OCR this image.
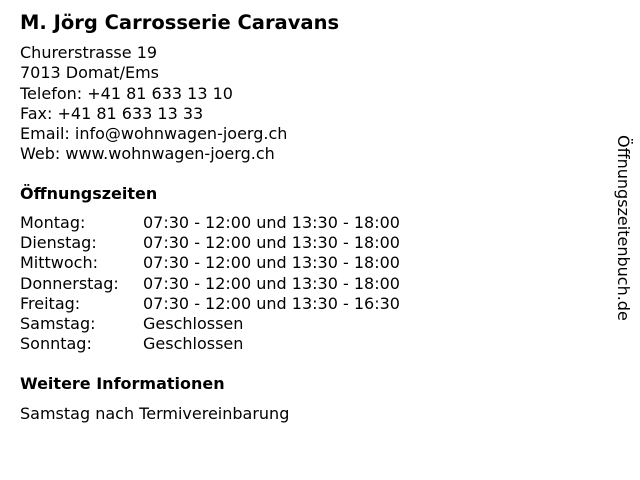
M. Jörg Carrosserie Caravans
Churerstrasse 19
7013 Domat/Ems
Telefon: +41 81 633 13 10
Fax: +41 81 633 13 33
Email: info@wohnwagen-joerg.ch
Web: www.wohnwagen-joerg.ch
Öffnungszeiten
Montag:	07:30 - 12:00 und 13:30 - 18:00
Dienstag:	07:30 - 12:00 und 13:30 - 18:00
Mittwoch:	07:30 - 12:00 und 13:30 - 18:00
Donnerstag: 07:30 - 12:00 und 13:30 - 18:00
Freitag:	07:30 - 12:00 und 13:30 - 16:30
Samstag:	Geschlossen
Sonntag:	Geschlossen
Weitere Informationen
Samstag nach Termivereinbarung
Öffnungszeitenbuch.de
